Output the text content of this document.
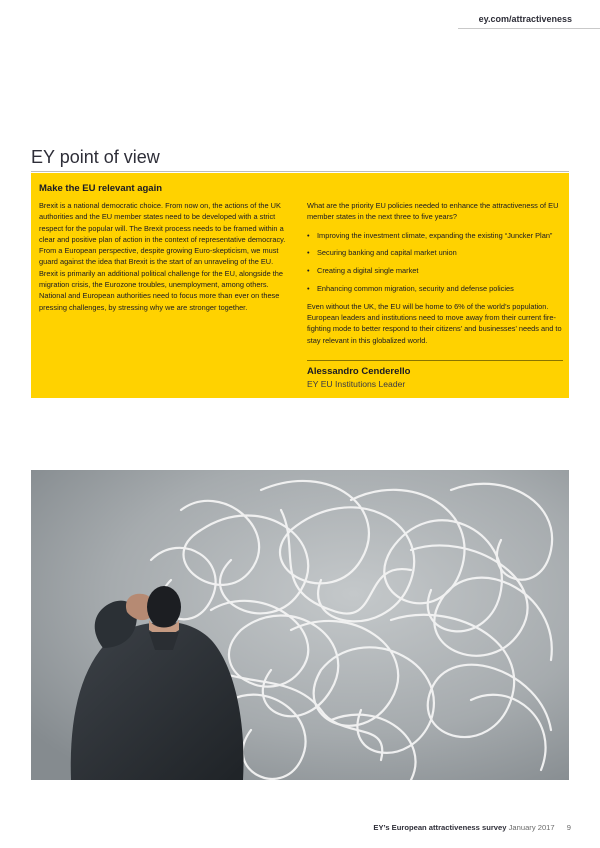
ey.com/attractiveness
EY point of view
Make the EU relevant again

Brexit is a national democratic choice. From now on, the actions of the UK authorities and the EU member states need to be developed with a strict respect for the popular will. The Brexit process needs to be framed within a clear and positive plan of action in the context of representative democracy. From a European perspective, despite growing Euro-skepticism, we must guard against the idea that Brexit is the start of an unraveling of the EU. Brexit is primarily an additional political challenge for the EU, alongside the migration crisis, the Eurozone troubles, unemployment, among others. National and European authorities need to focus more than ever on these pressing challenges, by stressing why we are stronger together.

What are the priority EU policies needed to enhance the attractiveness of EU member states in the next three to five years?

• Improving the investment climate, expanding the existing “Juncker Plan”
• Securing banking and capital market union
• Creating a digital single market
• Enhancing common migration, security and defense policies

Even without the UK, the EU will be home to 6% of the world’s population. European leaders and institutions need to move away from their current fire-fighting mode to better respond to their citizens’ and businesses’ needs and to stay relevant in this globalized world.

Alessandro Cenderello
EY EU Institutions Leader
EY’s European attractiveness survey January 2017 9
